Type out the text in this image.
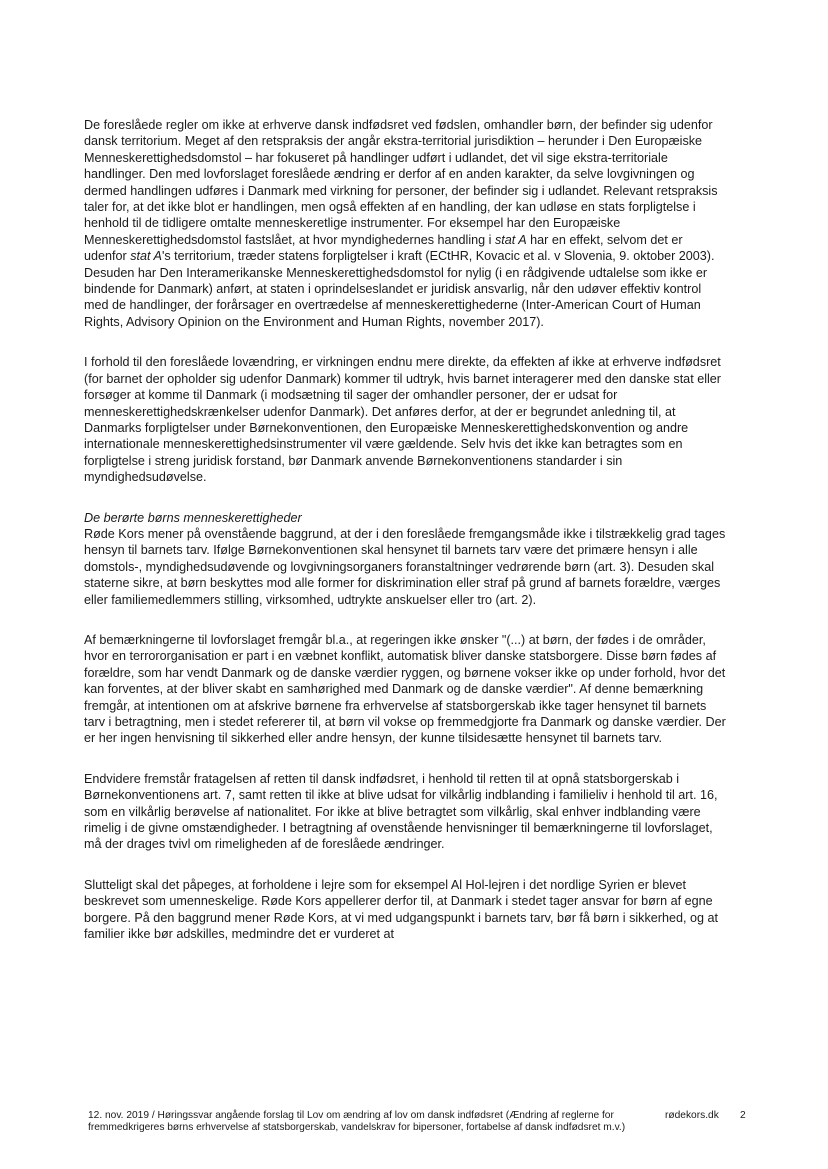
De foreslåede regler om ikke at erhverve dansk indfødsret ved fødslen, omhandler børn, der befinder sig udenfor dansk territorium. Meget af den retspraksis der angår ekstra-territorial jurisdiktion – herunder i Den Europæiske Menneskerettighedsdomstol – har fokuseret på handlinger udført i udlandet, det vil sige ekstra-territoriale handlinger. Den med lovforslaget foreslåede ændring er derfor af en anden karakter, da selve lovgivningen og dermed handlingen udføres i Danmark med virkning for personer, der befinder sig i udlandet. Relevant retspraksis taler for, at det ikke blot er handlingen, men også effekten af en handling, der kan udløse en stats forpligtelse i henhold til de tidligere omtalte menneskeretlige instrumenter. For eksempel har den Europæiske Menneskerettighedsdomstol fastslået, at hvor myndighedernes handling i stat A har en effekt, selvom det er udenfor stat A's territorium, træder statens forpligtelser i kraft (ECtHR, Kovacic et al. v Slovenia, 9. oktober 2003). Desuden har Den Interamerikanske Menneskerettighedsdomstol for nylig (i en rådgivende udtalelse som ikke er bindende for Danmark) anført, at staten i oprindelseslandet er juridisk ansvarlig, når den udøver effektiv kontrol med de handlinger, der forårsager en overtrædelse af menneskerettighederne (Inter-American Court of Human Rights, Advisory Opinion on the Environment and Human Rights, november 2017).

I forhold til den foreslåede lovændring, er virkningen endnu mere direkte, da effekten af ikke at erhverve indfødsret (for barnet der opholder sig udenfor Danmark) kommer til udtryk, hvis barnet interagerer med den danske stat eller forsøger at komme til Danmark (i modsætning til sager der omhandler personer, der er udsat for menneskerettighedskrænkelser udenfor Danmark). Det anføres derfor, at der er begrundet anledning til, at Danmarks forpligtelser under Børnekonventionen, den Europæiske Menneskerettighedskonvention og andre internationale menneskerettighedsinstrumenter vil være gældende. Selv hvis det ikke kan betragtes som en forpligtelse i streng juridisk forstand, bør Danmark anvende Børnekonventionens standarder i sin myndighedsudøvelse.

De berørte børns menneskerettigheder

Røde Kors mener på ovenstående baggrund, at der i den foreslåede fremgangsmåde ikke i tilstrækkelig grad tages hensyn til barnets tarv. Ifølge Børnekonventionen skal hensynet til barnets tarv være det primære hensyn i alle domstols-, myndighedsudøvende og lovgivningsorganers foranstaltninger vedrørende børn (art. 3). Desuden skal staterne sikre, at børn beskyttes mod alle former for diskrimination eller straf på grund af barnets forældre, værges eller familiemedlemmers stilling, virksomhed, udtrykte anskuelser eller tro (art. 2).

Af bemærkningerne til lovforslaget fremgår bl.a., at regeringen ikke ønsker "(...) at børn, der fødes i de områder, hvor en terrororganisation er part i en væbnet konflikt, automatisk bliver danske statsborgere. Disse børn fødes af forældre, som har vendt Danmark og de danske værdier ryggen, og børnene vokser ikke op under forhold, hvor det kan forventes, at der bliver skabt en samhørighed med Danmark og de danske værdier". Af denne bemærkning fremgår, at intentionen om at afskrive børnene fra erhvervelse af statsborgerskab ikke tager hensynet til barnets tarv i betragtning, men i stedet refererer til, at børn vil vokse op fremmedgjorte fra Danmark og danske værdier. Der er her ingen henvisning til sikkerhed eller andre hensyn, der kunne tilsidesætte hensynet til barnets tarv.

Endvidere fremstår fratagelsen af retten til dansk indfødsret, i henhold til retten til at opnå statsborgerskab i Børnekonventionens art. 7, samt retten til ikke at blive udsat for vilkårlig indblanding i familieliv i henhold til art. 16, som en vilkårlig berøvelse af nationalitet. For ikke at blive betragtet som vilkårlig, skal enhver indblanding være rimelig i de givne omstændigheder. I betragtning af ovenstående henvisninger til bemærkningerne til lovforslaget, må der drages tvivl om rimeligheden af de foreslåede ændringer.

Slutteligt skal det påpeges, at forholdene i lejre som for eksempel Al Hol-lejren i det nordlige Syrien er blevet beskrevet som umenneskelige. Røde Kors appellerer derfor til, at Danmark i stedet tager ansvar for børn af egne borgere. På den baggrund mener Røde Kors, at vi med udgangspunkt i barnets tarv, bør få børn i sikkerhed, og at familier ikke bør adskilles, medmindre det er vurderet at

12. nov. 2019 / Høringssvar angående forslag til Lov om ændring af lov om dansk indfødsret (Ændring af reglerne for fremmedkrigeres børns erhvervelse af statsborgerskab, vandelskrav for bipersoner, fortabelse af dansk indfødsret m.v.)
rødekors.dk 2
